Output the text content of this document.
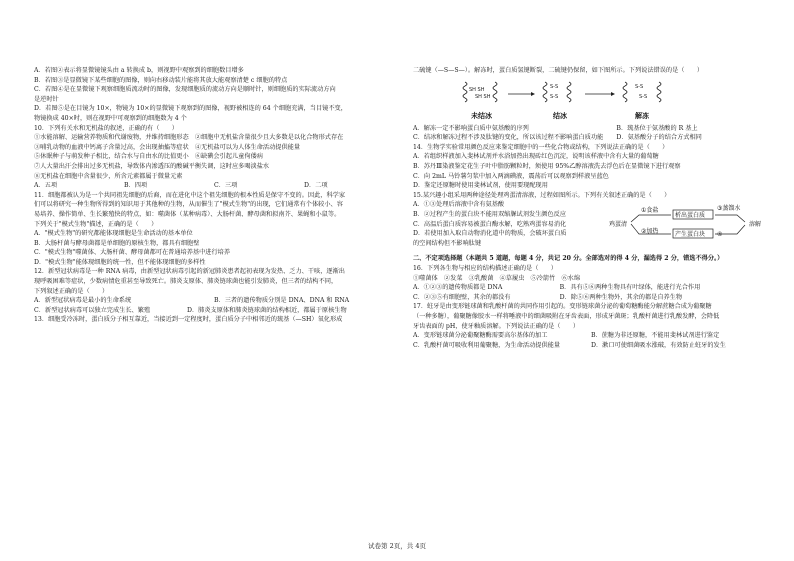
A．若图②表示将显微镜镜头由 a 转换成 b，则视野中观察到的细胞数目增多
B．若图③是显微镜下某些细胞的图像，则向右移动装片能将其放大能观察清楚 c 细胞的特点
C．若图④是在显微镜下观察细胞质流动时的图像，发现细胞质的流动方向是顺时针，则细胞质的实际流动方向
是逆时针
D．若图⑤是在目镜为 10×，物镜为 10×的显微镜下观察到的图像，视野被相连的 64 个细胞充满，当目镜不变，
物镜换成 40×时，则在视野中可观察到的细胞数为 4 个
10．下列有关水和无机盐的叙述，正确的有（　　）
①水能溶解、运输营养物质和代谢废物，并维持细胞形态　②细胞中无机盐含量很少且大多数是以化合物形式存在
③哺乳动物的血液中钙离子含量过高，会出现抽搐等症状　④无机盐可以为人体生命活动提供能量
⑤休眠种子与萌发种子相比，结合水与自由水的比值更小　⑥缺碘会引起儿童佝偻病
⑦人大量出汗会排出过多无机盐，导致体内渗透压的酸碱平衡失调，这时应多喝淡盐水
⑧无机盐在细胞中含量很少，所含元素都属于微量元素
A．五项	B．四项	C．三项	D．二项
11．细胞都被认为是一个共同祖先细胞的后裔，而在进化中这个祖先细胞的根本性质是保守不变的。因此，科学家
们可以将研究一种生物所得到的知识用于其他种的生物，从而催生了"模式生物"的出现，它们通常有个体较小、容
易培养、操作简单、生长繁殖快的特点，如：噬菌体（某种病毒）、大肠杆菌、酵母菌和拟南芥、果蝇和小鼠等。
下列关于"模式生物"描述，正确的是（　　）
A．"模式生物"的研究都能体现细胞是生命活动的基本单位
B．大肠杆菌与酵母菌都是单细胞的原核生物，都具有细胞壁
C．"模式生物"噬菌体、大肠杆菌、酵母菌都可在普通培养基中进行培养
D．"模式生物"能体现细胞的统一性，但不能体现细胞的多样性
12．新型冠状病毒是一种 RNA 病毒，由新型冠状病毒引起的新冠肺炎患者起初表现为发热、乏力、干咳，逐渐出
现呼吸困难等症状，少数病情危重甚至导致死亡。肺炎支原体、肺炎链球菌也能引发肺炎，但三者的结构不同，
下列叙述正确的是（　　）
A．新型冠状病毒是最小的生命系统	B．三者的遗传物质分别是 DNA、DNA 和 RNA
C．新型冠状病毒可以独立完成生长、繁殖	D．肺炎支原体和肺炎链球菌的结构相近，都属于原核生物
13．细胞受冷冻时，蛋白质分子相互靠近，当接近到一定程度时，蛋白质分子中相邻近的巯基（—SH）氧化形成
二硫键（—S—S—）。解冻时，蛋白质氢键断裂，二硫键仍保留，如下图所示。下列说法错误的是（　　）
SH SH
SH SH
S-S
S-S
S-S
S-S
未结冰	结冰	解冻
A．解冻一定不影响蛋白质中氨基酸的序列	B．巯基位于氨基酸的 R 基上
C．结冰和解冻过程不涉及肽键的变化，所以该过程不影响蛋白质功能	D．氨基酸分子的结合方式相同
14．生物学实验常用颜色反应来鉴定细胞中的一些化合物或结构，下列说法正确的是（　　）
A．若组织样液加入斐林试剂并水浴加热出现砖红色沉淀，说明该样液中含有大量的葡萄糖
B．苏丹Ⅲ染液鉴定花生子叶中脂肪颗粒时，须使用 95%乙醇溶液洗去浮色后在显微镜下进行观察
C．向 2mL 马铃薯匀浆中加入两滴碘液，震荡后可以观察到样液呈蓝色
D．鉴定还原糖时使用斐林试剂，使用要现配现用
15.某兴趣小组采用两种途径处理鸡蛋清溶液，过程如图所示。下列有关叙述正确的是（　　）
A．①③处理后溶液中含有氨基酸
B．②过程产生的蛋白块不能用双缩脲试剂发生颜色反应
C．高温后蛋白质容易被蛋白酶水解，吃熟鸡蛋容易消化
D．若使用加入取自动物消化道中的物质，会破坏蛋白质
的空间结构但不影响肽键
鸡蛋清
①食盐
②加热
③蒸馏水
④
析出蛋白质
产生蛋白块
溶解
二、不定项选择题（本题共 5 道题，每题 4 分，共记 20 分。全部选对的得 4 分，漏选得 2 分，错选不得分。）
16．下列各生物与相应的结构描述正确的是（　　）
①噬菌体　②发菜　③乳酸菌　④草履虫　⑤冷箭竹　⑥水绵
A．①②③的遗传物质都是 DNA	B．具有⑤⑥两种生物具有叶绿体，能进行光合作用
C．②③⑤有细胞壁，其余的都没有	D．除⑤⑥两种生物外，其余的都是自养生物
17．蛀牙是由变形链球菌和乳酸杆菌的共同作用引起的。变形链球菌分泌的葡萄糖酶能分解蔗糖合成为葡聚糖
（一种多糖），葡聚糖像胶水一样将唾液中的细菌吸附在牙齿表面，形成牙菌斑；乳酸杆菌进行乳酸发酵，会降低
牙齿表面的 pH，使牙釉质溶解。下列说法正确的是（　　）
A．变形链球菌分泌葡聚糖酶需要高尔基体的加工	B．蔗糖为非还原糖，不能用斐林试剂进行鉴定
C．乳酸杆菌可吸收利用葡聚糖，为生命活动提供能量	D．漱口可使细菌吸水涨破，有效防止蛀牙的发生
试卷第 2页，共 4页
